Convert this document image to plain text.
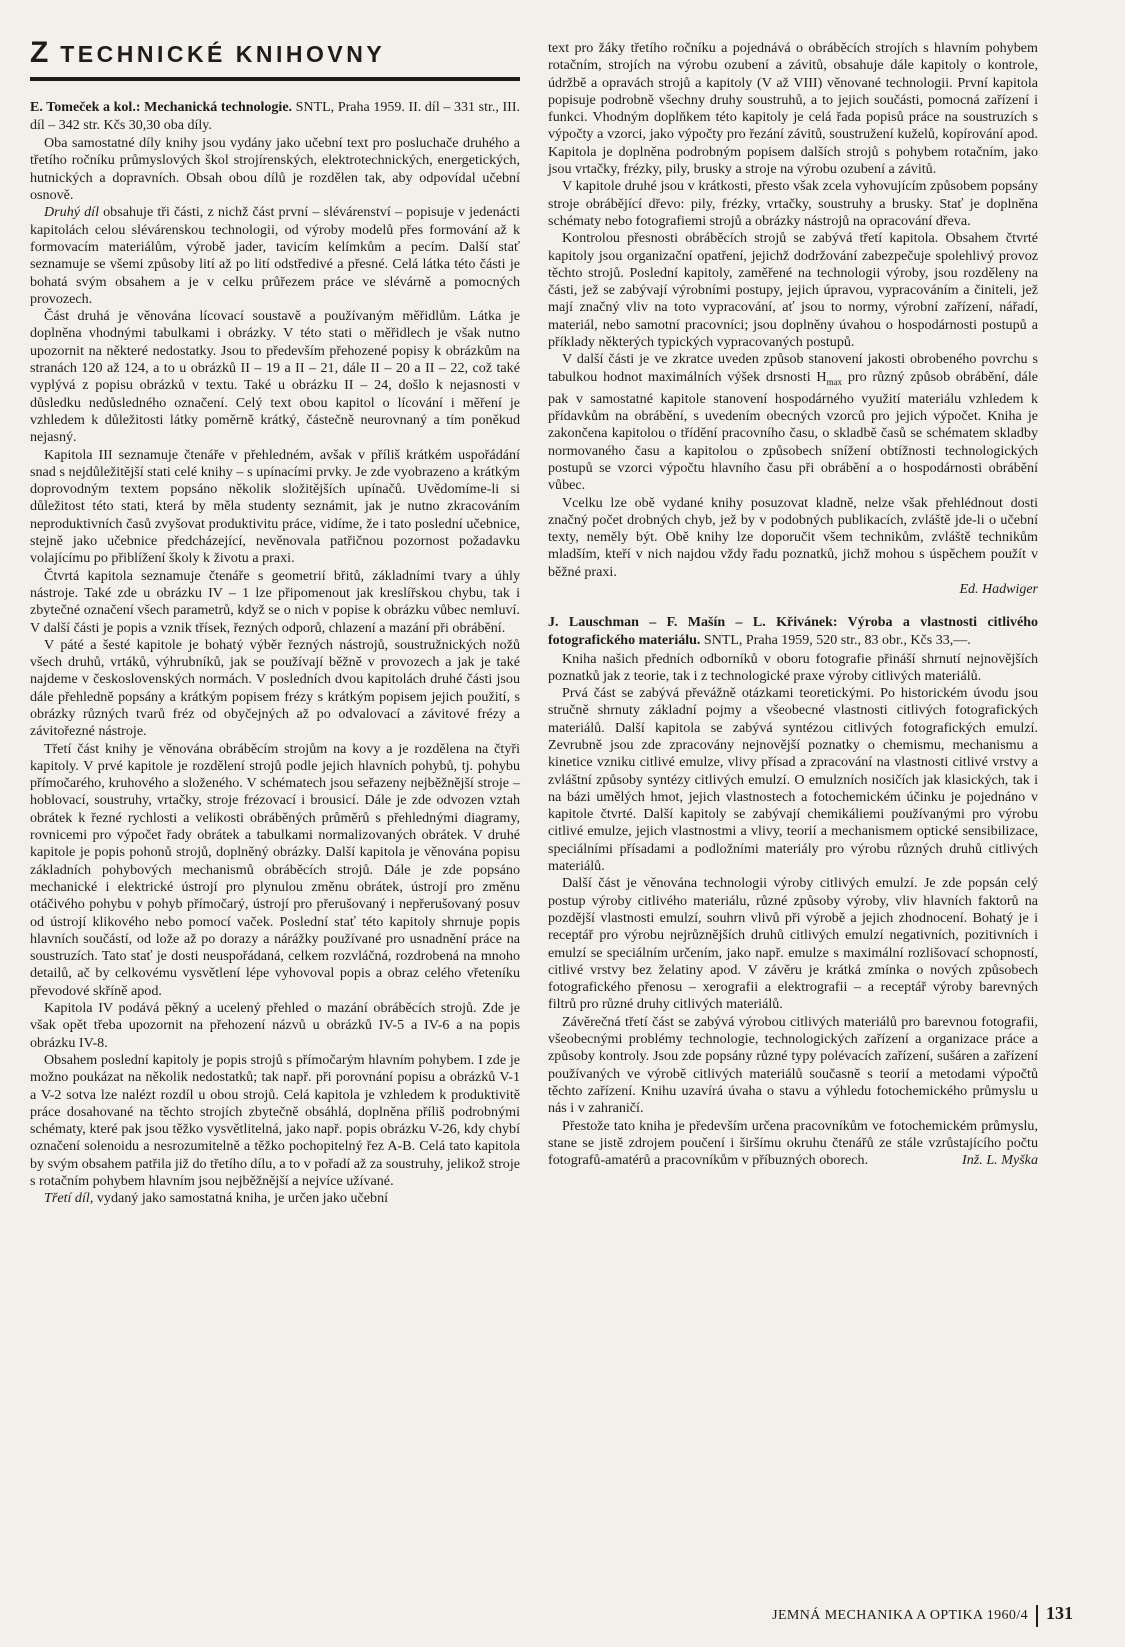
Z TECHNICKÉ KNIHOVNY
E. Tomeček a kol.: Mechanická technologie. SNTL, Praha 1959. II. díl – 331 str., III. díl – 342 str. Kčs 30,30 oba díly.

Oba samostatné díly knihy jsou vydány jako učební text pro posluchače druhého a třetího ročníku průmyslových škol strojírenských, elektrotechnických, energetických, hutnických a dopravních. Obsah obou dílů je rozdělen tak, aby odpovídal učební osnově.

Druhý díl obsahuje tři části, z nichž část první – slévárenství – popisuje v jedenácti kapitolách celou slévárenskou technologii, od výroby modelů přes formování až k formovacím materiálům, výrobě jader, tavicím kelímkům a pecím. Další stať seznamuje se všemi způsoby lití až po lití odstředivé a přesné. Celá látka této části je bohatá svým obsahem a je v celku průřezem práce ve slévárně a pomocných provozech.

Část druhá je věnována lícovací soustavě a používaným měřidlům. Látka je doplněna vhodnými tabulkami i obrázky. V této stati o měřidlech je však nutno upozornit na některé nedostatky. Jsou to především přehozené popisy k obrázkům na stranách 120 až 124, a to u obrázků II – 19 a II – 21, dále II – 20 a II – 22, což také vyplývá z popisu obrázků v textu. Také u obrázku II – 24, došlo k nejasnosti v důsledku nedůsledného označení. Celý text obou kapitol o lícování i měření je vzhledem k důležitosti látky poměrně krátký, částečně neurovnaný a tím poněkud nejasný.

Kapitola III seznamuje čtenáře v přehledném, avšak v příliš krátkém uspořádání snad s nejdůležitější stati celé knihy – s upínacími prvky. Je zde vyobrazeno a krátkým doprovodným textem popsáno několik složitějších upínačů. Uvědomíme-li si důležitost této stati, která by měla studenty seznámit, jak je nutno zkracováním neproduktivních časů zvyšovat produktivitu práce, vidíme, že i tato poslední učebnice, stejně jako učebnice předcházející, nevěnovala patřičnou pozornost požadavku volajícímu po přiblížení školy k životu a praxi.

Čtvrtá kapitola seznamuje čtenáře s geometrií břitů, základními tvary a úhly nástroje. Také zde u obrázku IV – 1 lze připomenout jak kreslířskou chybu, tak i zbytečné označení všech parametrů, když se o nich v popise k obrázku vůbec nemluví. V další části je popis a vznik třísek, řezných odporů, chlazení a mazání při obrábění.

V páté a šesté kapitole je bohatý výběr řezných nástrojů, soustružnických nožů všech druhů, vrtáků, výhrubníků, jak se používají běžně v provozech a jak je také najdeme v československých normách. V posledních dvou kapitolách druhé části jsou dále přehledně popsány a krátkým popisem frézy s krátkým popisem jejich použití, s obrázky různých tvarů fréz od obyčejných až po odvalovací a závitové frézy a závitořezné nástroje.

Třetí část knihy je věnována obráběcím strojům na kovy a je rozdělena na čtyři kapitoly. V prvé kapitole je rozdělení strojů podle jejich hlavních pohybů, tj. pohybu přímočarého, kruhového a složeného. V schématech jsou seřazeny nejběžnější stroje – hoblovací, soustruhy, vrtačky, stroje frézovací i brousicí. Dále je zde odvozen vztah obrátek k řezné rychlosti a velikosti obráběných průměrů s přehlednými diagramy, rovnicemi pro výpočet řady obrátek a tabulkami normalizovaných obrátek. V druhé kapitole je popis pohonů strojů, doplněný obrázky. Další kapitola je věnována popisu základních pohybových mechanismů obráběcích strojů. Dále je zde popsáno mechanické i elektrické ústrojí pro plynulou změnu obrátek, ústrojí pro změnu otáčivého pohybu v pohyb přímočarý, ústrojí pro přerušovaný i nepřerušovaný posuv od ústrojí klikového nebo pomocí vaček. Poslední stať této kapitoly shrnuje popis hlavních součástí, od lože až po dorazy a nárážky používané pro usnadnění práce na soustruzích. Tato stať je dosti neuspořádaná, celkem rozvláčná, rozdrobená na mnoho detailů, ač by celkovému vysvětlení lépe vyhovoval popis a obraz celého vřeteníku převodové skříně apod.

Kapitola IV podává pěkný a ucelený přehled o mazání obráběcích strojů. Zde je však opět třeba upozornit na přehození názvů u obrázků IV-5 a IV-6 a na popis obrázku IV-8.

Obsahem poslední kapitoly je popis strojů s přímočarým hlavním pohybem. I zde je možno poukázat na několik nedostatků; tak např. při porovnání popisu a obrázků V-1 a V-2 sotva lze nalézt rozdíl u obou strojů. Celá kapitola je vzhledem k produktivitě práce dosahované na těchto strojích zbytečně obsáhlá, doplněna příliš podrobnými schématy, které pak jsou těžko vysvětlitelná, jako např. popis obrázku V-26, kdy chybí označení solenoidu a nesrozumitelně a těžko pochopitelný řez A-B. Celá tato kapitola by svým obsahem patřila již do třetího dílu, a to v pořadí až za soustruhy, jelikož stroje s rotačním pohybem hlavním jsou nejběžnější a nejvíce užívané.

Třetí díl, vydaný jako samostatná kniha, je určen jako učební

text pro žáky třetího ročníku a pojednává o obráběcích strojích s hlavním pohybem rotačním, strojích na výrobu ozubení a závitů, obsahuje dále kapitoly o kontrole, údržbě a opravách strojů a kapitoly (V až VIII) věnované technologii. První kapitola popisuje podrobně všechny druhy soustruhů, a to jejich součásti, pomocná zařízení i funkci. Vhodným doplňkem této kapitoly je celá řada popisů práce na soustruzích s výpočty a vzorci, jako výpočty pro řezání závitů, soustružení kuželů, kopírování apod. Kapitola je doplněna podrobným popisem dalších strojů s pohybem rotačním, jako jsou vrtačky, frézky, pily, brusky a stroje na výrobu ozubení a závitů.

V kapitole druhé jsou v krátkosti, přesto však zcela vyhovujícím způsobem popsány stroje obrábějící dřevo: pily, frézky, vrtačky, soustruhy a brusky. Stať je doplněna schématy nebo fotografiemi strojů a obrázky nástrojů na opracování dřeva.

Kontrolou přesnosti obráběcích strojů se zabývá třetí kapitola. Obsahem čtvrté kapitoly jsou organizační opatření, jejichž dodržování zabezpečuje spolehlivý provoz těchto strojů. Poslední kapitoly, zaměřené na technologii výroby, jsou rozděleny na části, jež se zabývají výrobními postupy, jejich úpravou, vypracováním a činiteli, jež mají značný vliv na toto vypracování, ať jsou to normy, výrobní zařízení, nářadí, materiál, nebo samotní pracovníci; jsou doplněny úvahou o hospodárnosti postupů a příklady některých typických vypracovaných postupů.

V další části je ve zkratce uveden způsob stanovení jakosti obrobeného povrchu s tabulkou hodnot maximálních výšek drsnosti $H_{max}$ pro různý způsob obrábění, dále pak v samostatné kapitole stanovení hospodárného využití materiálu vzhledem k přídavkům na obrábění, s uvedením obecných vzorců pro jejich výpočet. Kniha je zakončena kapitolou o třídění pracovního času, o skladbě časů se schématem skladby normovaného času a kapitolou o způsobech snížení obtížnosti technologických postupů se vzorci výpočtu hlavního času při obrábění a o hospodárnosti obrábění vůbec.

Vcelku lze obě vydané knihy posuzovat kladně, nelze však přehlédnout dosti značný počet drobných chyb, jež by v podobných publikacích, zvláště jde-li o učební texty, neměly být. Obě knihy lze doporučit všem technikům, zvláště technikům mladším, kteří v nich najdou vždy řadu poznatků, jichž mohou s úspěchem použít v běžné praxi.

Ed. Hadwiger
J. Lauschman – F. Mašín – L. Křivánek: Výroba a vlastnosti citlivého fotografického materiálu. SNTL, Praha 1959, 520 str., 83 obr., Kčs 33,—.

Kniha našich předních odborníků v oboru fotografie přináší shrnutí nejnovějších poznatků jak z teorie, tak i z technologické praxe výroby citlivých materiálů.

Prvá část se zabývá převážně otázkami teoretickými. Po historickém úvodu jsou stručně shrnuty základní pojmy a všeobecné vlastnosti citlivých fotografických materiálů. Další kapitola se zabývá syntézou citlivých fotografických emulzí. Zevrubně jsou zde zpracovány nejnovější poznatky o chemismu, mechanismu a kinetice vzniku citlivé emulze, vlivy přísad a zpracování na vlastnosti citlivé vrstvy a zvláštní způsoby syntézy citlivých emulzí. O emulzních nosičích jak klasických, tak i na bázi umělých hmot, jejich vlastnostech a fotochemickém účinku je pojednáno v kapitole čtvrté. Další kapitoly se zabývají chemikáliemi používanými pro výrobu citlivé emulze, jejich vlastnostmi a vlivy, teorií a mechanismem optické sensibilizace, speciálními přísadami a podložními materiály pro výrobu různých druhů citlivých materiálů.

Další část je věnována technologii výroby citlivých emulzí. Je zde popsán celý postup výroby citlivého materiálu, různé způsoby výroby, vliv hlavních faktorů na pozdější vlastnosti emulzí, souhrn vlivů při výrobě a jejich zhodnocení. Bohatý je i receptář pro výrobu nejrůznějších druhů citlivých emulzí negativních, pozitivních i emulzí se speciálním určením, jako např. emulze s maximální rozlišovací schopností, citlivé vrstvy bez želatiny apod. V závěru je krátká zmínka o nových způsobech fotografického přenosu – xerografii a elektrografii – a receptář výroby barevných filtrů pro různé druhy citlivých materiálů.

Závěrečná třetí část se zabývá výrobou citlivých materiálů pro barevnou fotografii, všeobecnými problémy technologie, technologických zařízení a organizace práce a způsoby kontroly. Jsou zde popsány různé typy polévacích zařízení, sušáren a zařízení používaných ve výrobě citlivých materiálů současně s teorií a metodami výpočtů těchto zařízení. Knihu uzavírá úvaha o stavu a výhledu fotochemického průmyslu u nás i v zahraničí.

Přestože tato kniha je především určena pracovníkům ve fotochemickém průmyslu, stane se jistě zdrojem poučení i širšímu okruhu čtenářů ze stále vzrůstajícího počtu fotografů-amatérů a pracovníkům v příbuzných oborech.	Inž. L. Myška

JEMNÁ MECHANIKA A OPTIKA 1960/4 131
